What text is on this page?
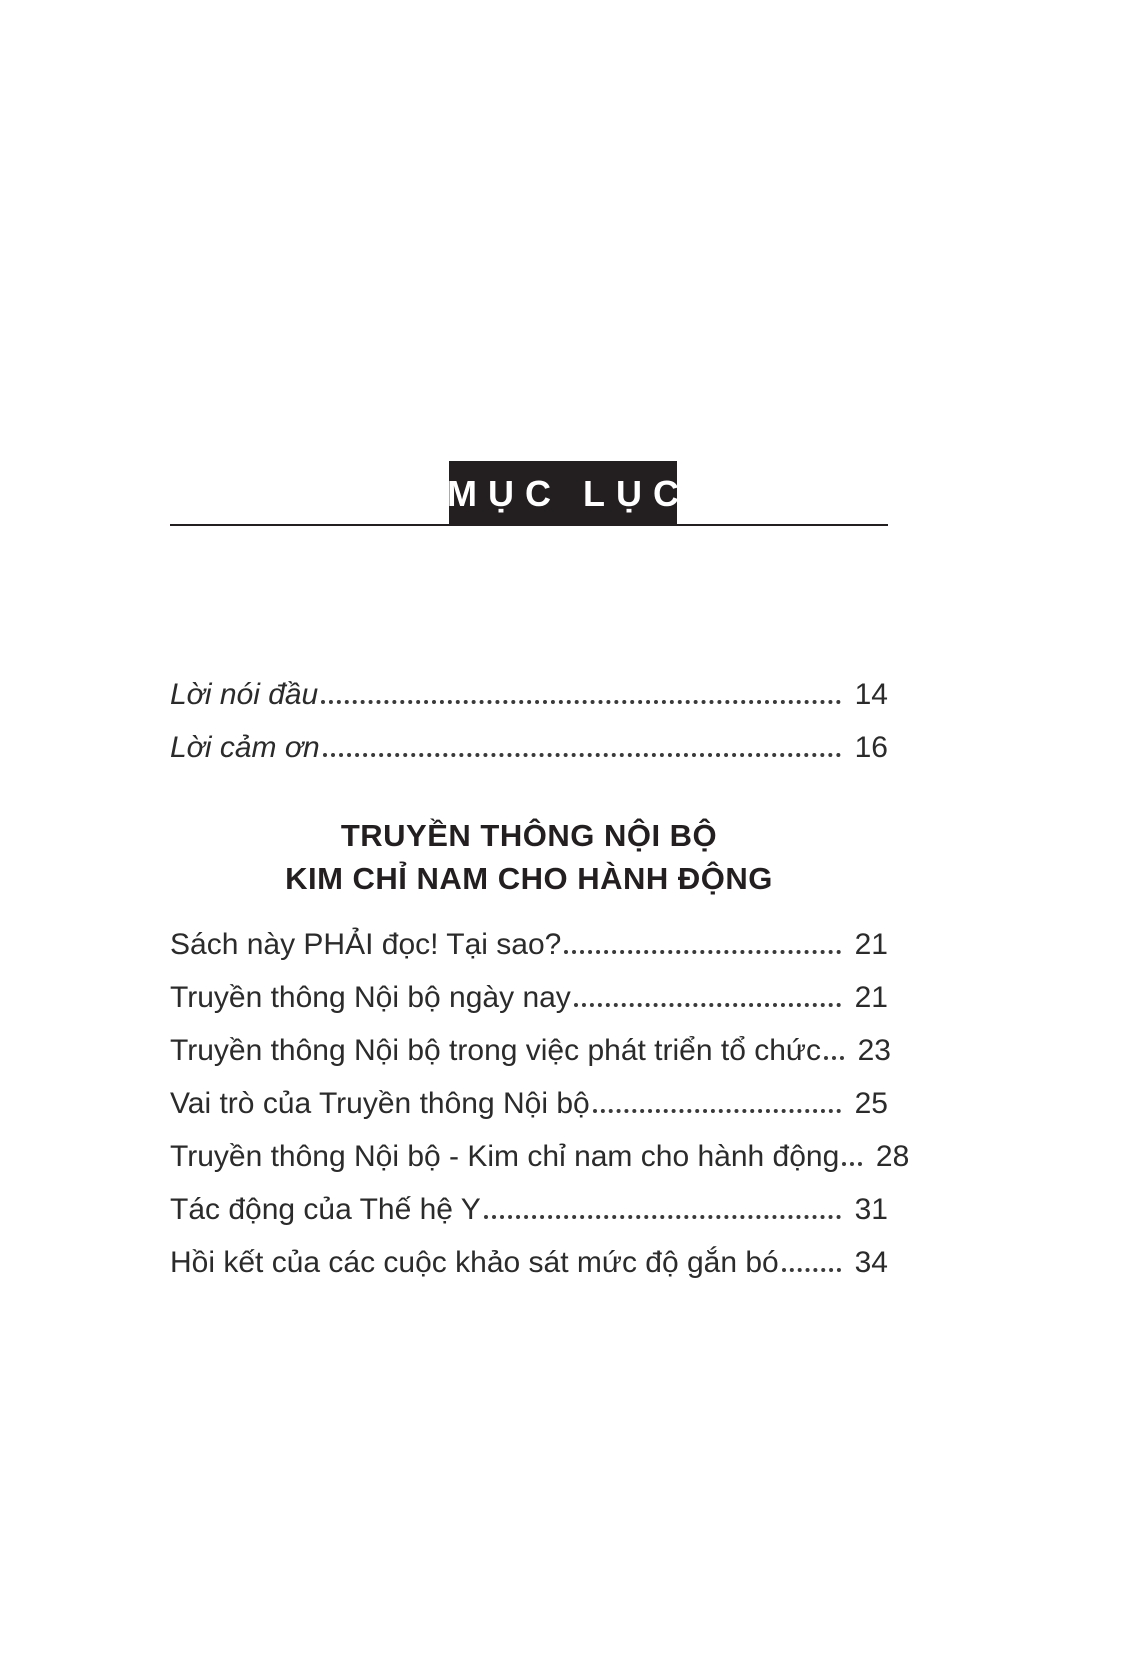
MỤC LỤC
Lời nói đầu	14
Lời cảm ơn	16
TRUYỀN THÔNG NỘI BỘ
KIM CHỈ NAM CHO HÀNH ĐỘNG
Sách này PHẢI đọc! Tại sao?	21
Truyền thông Nội bộ ngày nay	21
Truyền thông Nội bộ trong việc phát triển tổ chức 23
Vai trò của Truyền thông Nội bộ	25
Truyền thông Nội bộ - Kim chỉ nam cho hành động 28
Tác động của Thế hệ Y	31
Hồi kết của các cuộc khảo sát mức độ gắn bó	34
